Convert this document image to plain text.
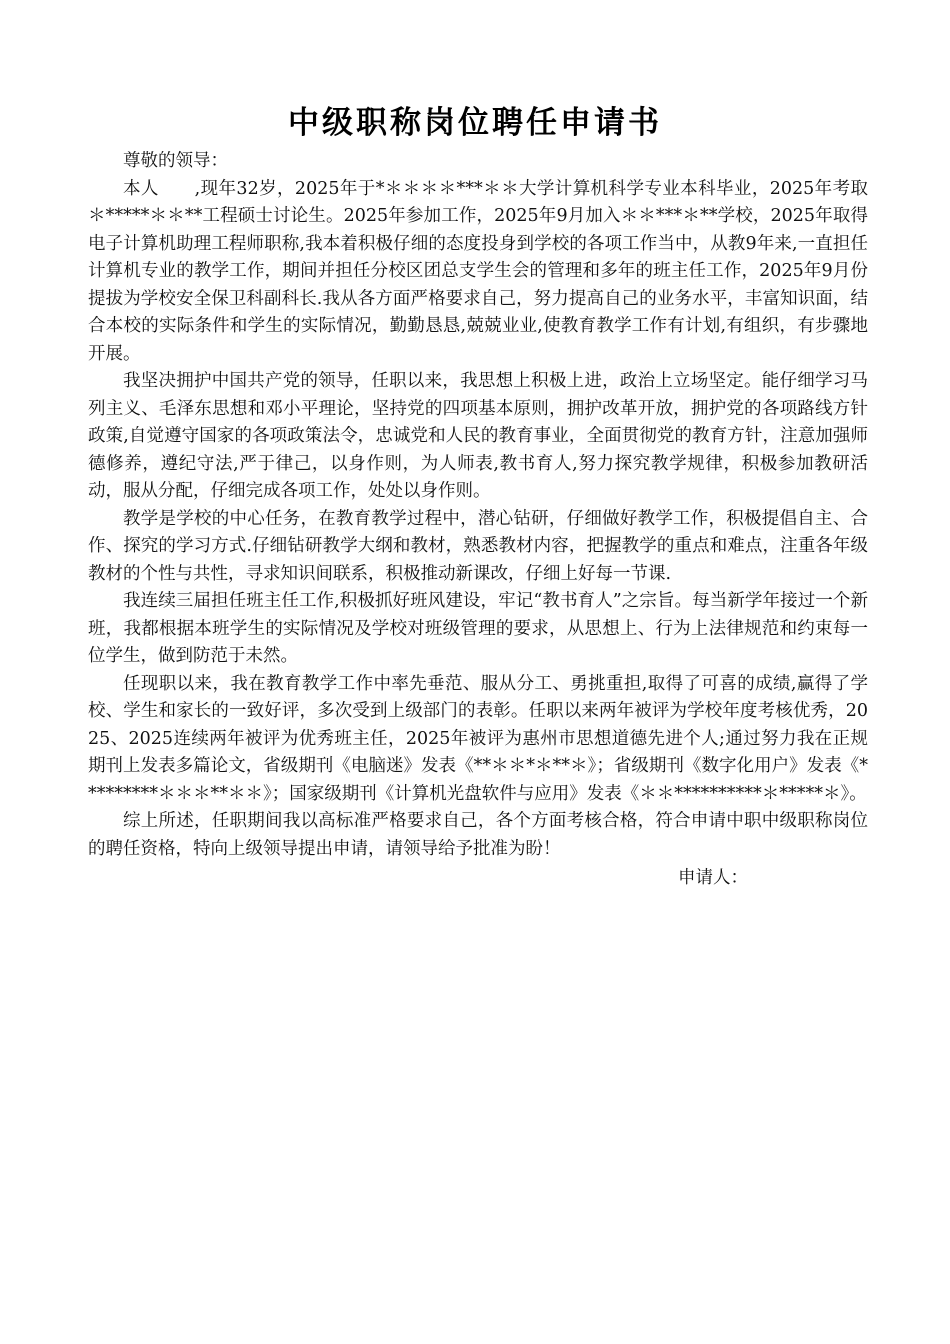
中级职称岗位聘任申请书

尊敬的领导：

本人　　,现年32岁，2025年于*＊＊＊＊***＊＊大学计算机科学专业本科毕业，2025年考取＊*****＊＊**工程硕士讨论生。2025年参加工作，2025年9月加入＊＊***＊**学校，2025年取得电子计算机助理工程师职称,我本着积极仔细的态度投身到学校的各项工作当中，从教9年来,一直担任计算机专业的教学工作，期间并担任分校区团总支学生会的管理和多年的班主任工作，2025年9月份提拔为学校安全保卫科副科长.我从各方面严格要求自己，努力提高自己的业务水平，丰富知识面，结合本校的实际条件和学生的实际情况，勤勤恳恳,兢兢业业,使教育教学工作有计划,有组织，有步骤地开展。

我坚决拥护中国共产党的领导，任职以来，我思想上积极上进，政治上立场坚定。能仔细学习马列主义、毛泽东思想和邓小平理论，坚持党的四项基本原则，拥护改革开放，拥护党的各项路线方针政策,自觉遵守国家的各项政策法令，忠诚党和人民的教育事业，全面贯彻党的教育方针，注意加强师德修养，遵纪守法,严于律己，以身作则，为人师表,教书育人,努力探究教学规律，积极参加教研活动，服从分配，仔细完成各项工作，处处以身作则。

教学是学校的中心任务，在教育教学过程中，潜心钻研，仔细做好教学工作，积极提倡自主、合作、探究的学习方式.仔细钻研教学大纲和教材，熟悉教材内容，把握教学的重点和难点，注重各年级教材的个性与共性，寻求知识间联系，积极推动新课改，仔细上好每一节课.

我连续三届担任班主任工作,积极抓好班风建设，牢记“教书育人”之宗旨。每当新学年接过一个新班，我都根据本班学生的实际情况及学校对班级管理的要求，从思想上、行为上法律规范和约束每一位学生，做到防范于未然。

任现职以来，我在教育教学工作中率先垂范、服从分工、勇挑重担,取得了可喜的成绩,赢得了学校、学生和家长的一致好评，多次受到上级部门的表彰。任职以来两年被评为学校年度考核优秀，2025、2025连续两年被评为优秀班主任，2025年被评为惠州市思想道德先进个人;通过努力我在正规期刊上发表多篇论文，省级期刊《电脑迷》发表《**＊＊*＊**＊》；省级期刊《数字化用户》发表《*********＊＊＊**＊＊》；国家级期刊《计算机光盘软件与应用》发表《＊＊**********＊*****＊》。

综上所述，任职期间我以高标准严格要求自己，各个方面考核合格，符合申请中职中级职称岗位的聘任资格，特向上级领导提出申请，请领导给予批准为盼！

申请人：
